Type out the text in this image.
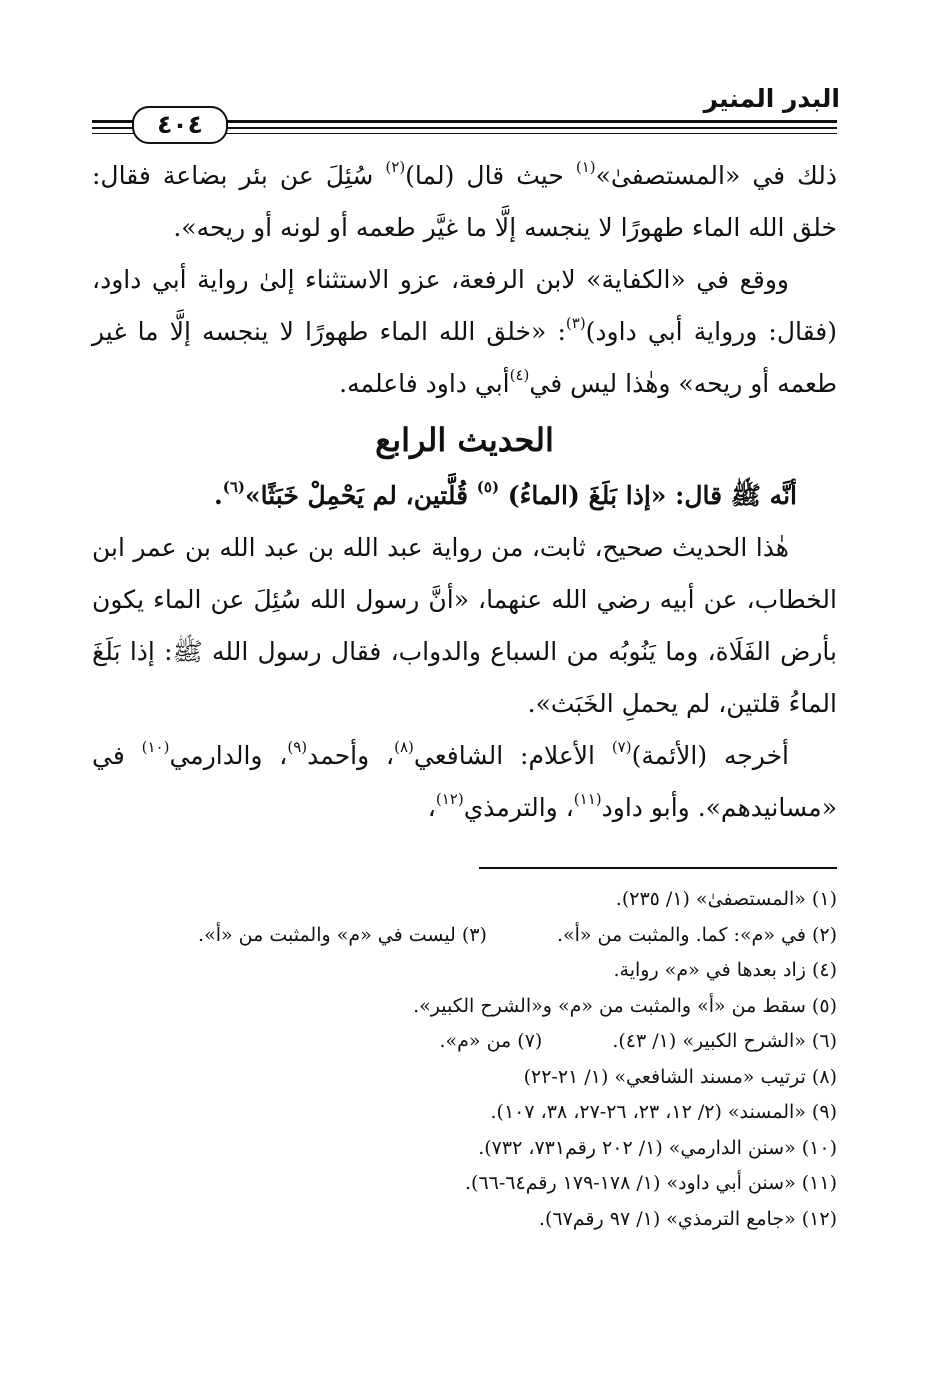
البدر المنير
٤٠٤

ذلك في «المستصفىٰ»$^{(١)}$ حيث قال (لما)$^{(٢)}$ سُئِلَ عن بئر بضاعة فقال: خلق الله الماء طهورًا لا ينجسه إلَّا ما غيَّر طعمه أو لونه أو ريحه».

ووقع في «الكفاية» لابن الرفعة، عزو الاستثناء إلىٰ رواية أبي داود، (فقال: ورواية أبي داود)$^{(٣)}$: «خلق الله الماء طهورًا لا ينجسه إلَّا ما غير طعمه أو ريحه» وهٰذا ليس في$^{(٤)}$أبي داود فاعلمه.

الحديث الرابع

أنَّه ﷺ قال: «إذا بَلَغَ (الماءُ) $^{(٥)}$ قُلَّتين، لم يَحْمِلْ خَبَثًا»$^{(٦)}$.

هٰذا الحديث صحيح، ثابت، من رواية عبد الله بن عبد الله بن عمر ابن الخطاب، عن أبيه رضي الله عنهما، «أنَّ رسول الله سُئِلَ عن الماء يكون بأرض الفَلَاة، وما يَنُوبُه من السباع والدواب، فقال رسول الله ﷺ: إذا بَلَغَ الماءُ قلتين، لم يحملِ الخَبَث».

أخرجه (الأئمة)$^{(٧)}$ الأعلام: الشافعي$^{(٨)}$، وأحمد$^{(٩)}$، والدارمي$^{(١٠)}$ في «مسانيدهم». وأبو داود$^{(١١)}$، والترمذي$^{(١٢)}$،

(١) «المستصفىٰ» (١/ ٢٣٥).
(٢) في «م»: كما. والمثبت من «أ».(٣) ليست في «م» والمثبت من «أ».
(٤) زاد بعدها في «م» رواية.
(٥) سقط من «أ» والمثبت من «م» و«الشرح الكبير».
(٦) «الشرح الكبير» (١/ ٤٣).(٧) من «م».
(٨) ترتيب «مسند الشافعي» (١/ ٢١-٢٢)
(٩) «المسند» (٢/ ١٢، ٢٣، ٢٦-٢٧، ٣٨، ١٠٧).
(١٠) «سنن الدارمي» (١/ ٢٠٢ رقم٧٣١، ٧٣٢).
(١١) «سنن أبي داود» (١/ ١٧٨-١٧٩ رقم٦٤-٦٦).
(١٢) «جامع الترمذي» (١/ ٩٧ رقم٦٧).
